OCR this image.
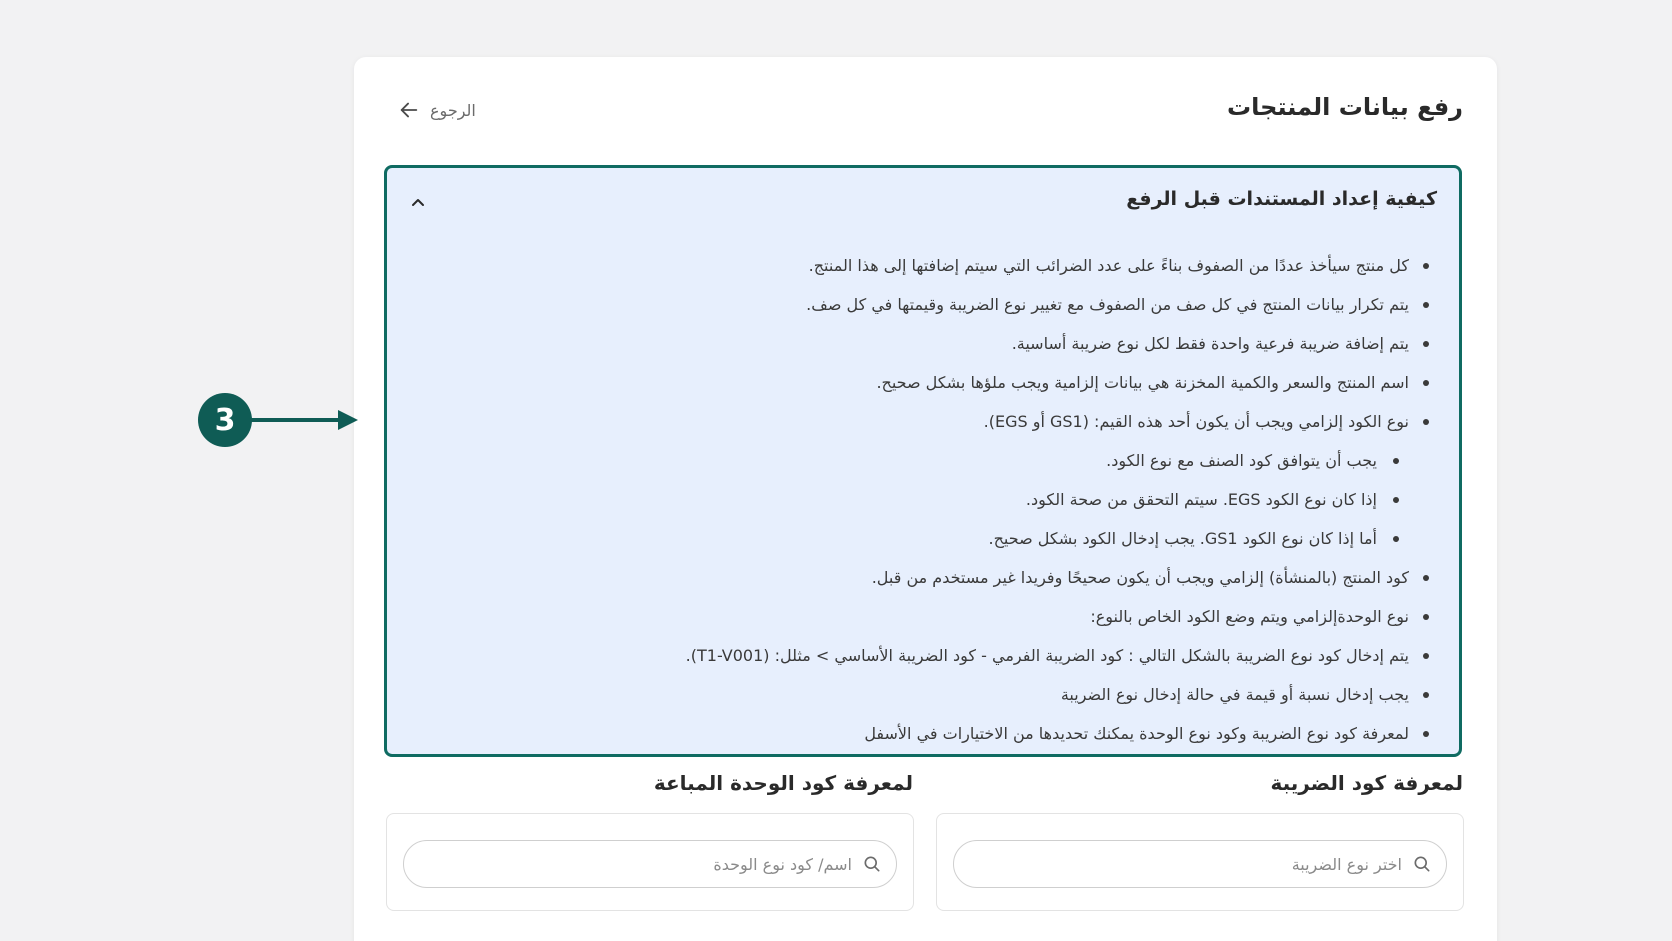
رفع بيانات المنتجات
الرجوع
كيفية إعداد المستندات قبل الرفع
كل منتج سيأخذ عددًا من الصفوف بناءً على عدد الضرائب التي سيتم إضافتها إلى هذا المنتج.
يتم تكرار بيانات المنتج في كل صف من الصفوف مع تغيير نوع الضريبة وقيمتها في كل صف.
يتم إضافة ضريبة فرعية واحدة فقط لكل نوع ضريبة أساسية.
اسم المنتج والسعر والكمية المخزنة هي بيانات إلزامية ويجب ملؤها بشكل صحيح.
نوع الكود إلزامي ويجب أن يكون أحد هذه القيم: (GS1 أو EGS).
يجب أن يتوافق كود الصنف مع نوع الكود.
إذا كان نوع الكود EGS. سيتم التحقق من صحة الكود.
أما إذا كان نوع الكود GS1. يجب إدخال الكود بشكل صحيح.
كود المنتج (بالمنشأة) إلزامي ويجب أن يكون صحيحًا وفريدا غير مستخدم من قبل.
نوع الوحدةإلزامي ويتم وضع الكود الخاص بالنوع:
يتم إدخال كود نوع الضريبة بالشكل التالي : كود الضريبة الفرمي - كود الضريبة الأساسي > مثلل: (T1-V001).
يجب إدخال نسبة أو قيمة في حالة إدخال نوع الضريبة
لمعرفة كود نوع الضريبة وكود نوع الوحدة يمكنك تحديدها من الاختيارات في الأسفل
لمعرفة كود الضريبة
لمعرفة كود الوحدة المباعة
اختر نوع الضريبة
اسم/ كود نوع الوحدة
3
